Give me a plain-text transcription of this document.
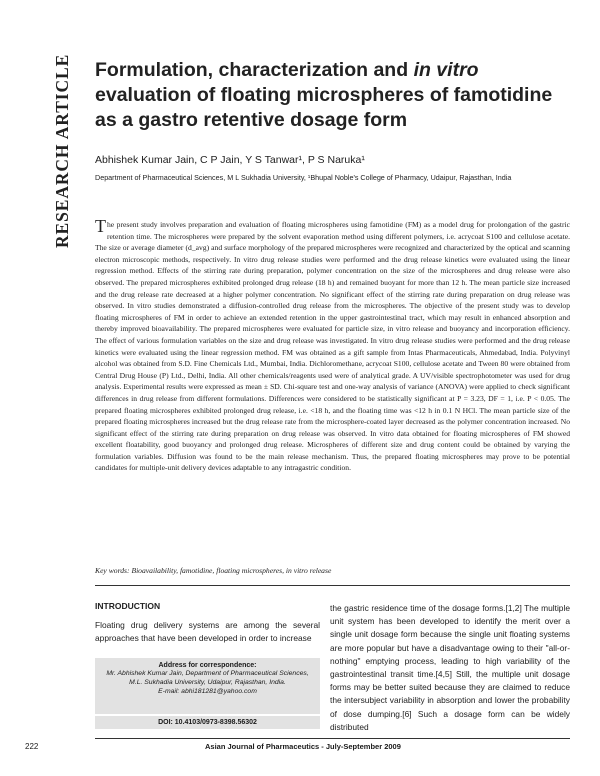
RESEARCH ARTICLE Formulation, characterization and in vitro evaluation of floating microspheres of famotidine as a gastro retentive dosage form
Abhishek Kumar Jain, C P Jain, Y S Tanwar¹, P S Naruka¹
Department of Pharmaceutical Sciences, M L Sukhadia University, ¹Bhupal Noble's College of Pharmacy, Udaipur, Rajasthan, India
The present study involves preparation and evaluation of floating microspheres using famotidine (FM) as a model drug for prolongation of the gastric retention time. The microspheres were prepared by the solvent evaporation method using different polymers, i.e. acrycoat S100 and cellulose acetate. The size or average diameter (d_avg) and surface morphology of the prepared microspheres were recognized and characterized by the optical and scanning electron microscopic methods, respectively. In vitro drug release studies were performed and the drug release kinetics were evaluated using the linear regression method. Effects of the stirring rate during preparation, polymer concentration on the size of the microspheres and drug release were also observed. The prepared microspheres exhibited prolonged drug release (18 h) and remained buoyant for more than 12 h. The mean particle size increased and the drug release rate decreased at a higher polymer concentration. No significant effect of the stirring rate during preparation on drug release was observed. In vitro studies demonstrated a diffusion-controlled drug release from the microspheres. The objective of the present study was to develop floating microspheres of FM in order to achieve an extended retention in the upper gastrointestinal tract, which may result in enhanced absorption and thereby improved bioavailability. The prepared microspheres were evaluated for particle size, in vitro release and buoyancy and incorporation efficiency. The effect of various formulation variables on the size and drug release was investigated. In vitro drug release studies were performed and the drug release kinetics were evaluated using the linear regression method. FM was obtained as a gift sample from Intas Pharmaceuticals, Ahmedabad, India. Polyvinyl alcohol was obtained from S.D. Fine Chemicals Ltd., Mumbai, India. Dichloromethane, acrycoat S100, cellulose acetate and Tween 80 were obtained from Central Drug House (P) Ltd., Delhi, India. All other chemicals/reagents used were of analytical grade. A UV/visible spectrophotometer was used for drug analysis. Experimental results were expressed as mean ± SD. Chi-square test and one-way analysis of variance (ANOVA) were applied to check significant differences in drug release from different formulations. Differences were considered to be statistically significant at P = 3.23, DF = 1, i.e. P < 0.05. The prepared floating microspheres exhibited prolonged drug release, i.e. <18 h, and the floating time was <12 h in 0.1 N HCl. The mean particle size of the prepared floating microspheres increased but the drug release rate from the microsphere-coated layer decreased as the polymer concentration increased. No significant effect of the stirring rate during preparation on drug release was observed. In vitro data obtained for floating microspheres of FM showed excellent floatability, good buoyancy and prolonged drug release. Microspheres of different size and drug content could be obtained by varying the formulation variables. Diffusion was found to be the main release mechanism. Thus, the prepared floating microspheres may prove to be potential candidates for multiple-unit delivery devices adaptable to any intragastric condition.
Key words: Bioavailability, famotidine, floating microspheres, in vitro release
INTRODUCTION
Floating drug delivery systems are among the several approaches that have been developed in order to increase
the gastric residence time of the dosage forms.[1,2] The multiple unit system has been developed to identify the merit over a single unit dosage form because the single unit floating systems are more popular but have a disadvantage owing to their "all-or-nothing" emptying process, leading to high variability of the gastrointestinal transit time.[4,5] Still, the multiple unit dosage forms may be better suited because they are claimed to reduce the intersubject variability in absorption and lower the probability of dose dumping.[6] Such a dosage form can be widely distributed
Address for correspondence:
Mr. Abhishek Kumar Jain, Department of Pharmaceutical Sciences,
M.L. Sukhadia University, Udaipur, Rajasthan, India.
E-mail: abhi18128​1@yahoo.com
DOI: 10.4103/0973-8398.56302
222	Asian Journal of Pharmaceutics - July-September 2009
